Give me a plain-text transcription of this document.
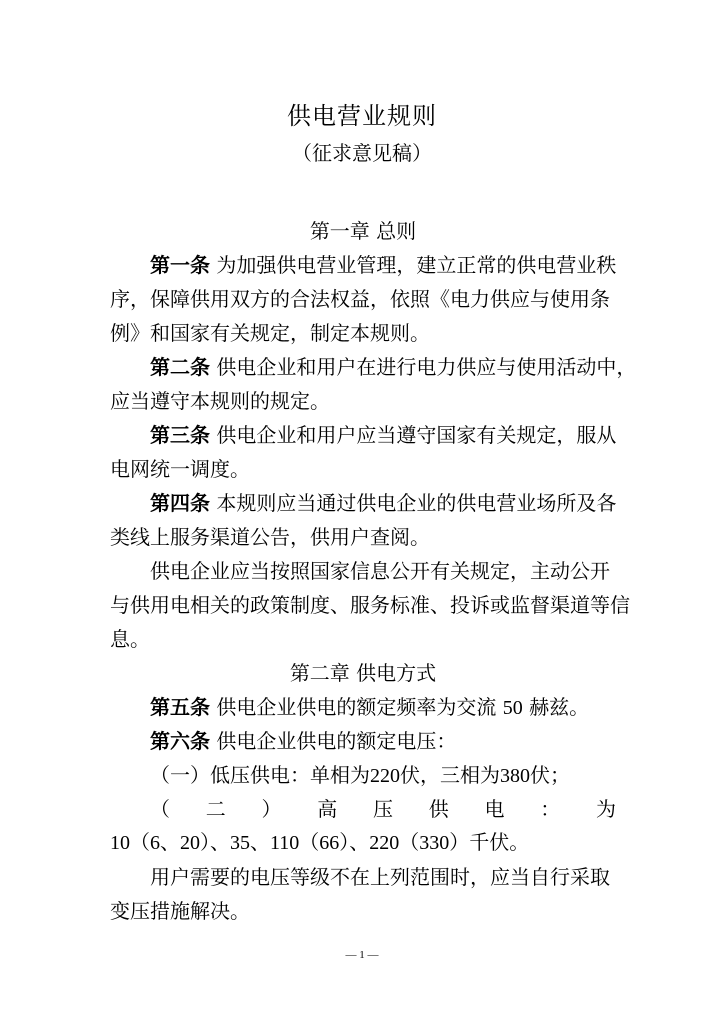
供电营业规则
（征求意见稿）
第一章 总则
第一条 为加强供电营业管理，建立正常的供电营业秩
序，保障供用双方的合法权益，依照《电力供应与使用条
例》和国家有关规定，制定本规则。
第二条 供电企业和用户在进行电力供应与使用活动中，
应当遵守本规则的规定。
第三条 供电企业和用户应当遵守国家有关规定，服从
电网统一调度。
第四条 本规则应当通过供电企业的供电营业场所及各
类线上服务渠道公告，供用户查阅。
供电企业应当按照国家信息公开有关规定，主动公开
与供用电相关的政策制度、服务标准、投诉或监督渠道等信
息。
第二章 供电方式
第五条 供电企业供电的额定频率为交流 50 赫兹。
第六条 供电企业供电的额定电压：
（一）低压供电：单相为220伏，三相为380伏；
（ 二 ） 高 压 供 电 ： 为
10（6、20）、35、110（66）、220（330）千伏。
用户需要的电压等级不在上列范围时，应当自行采取
变压措施解决。
— 1 —
